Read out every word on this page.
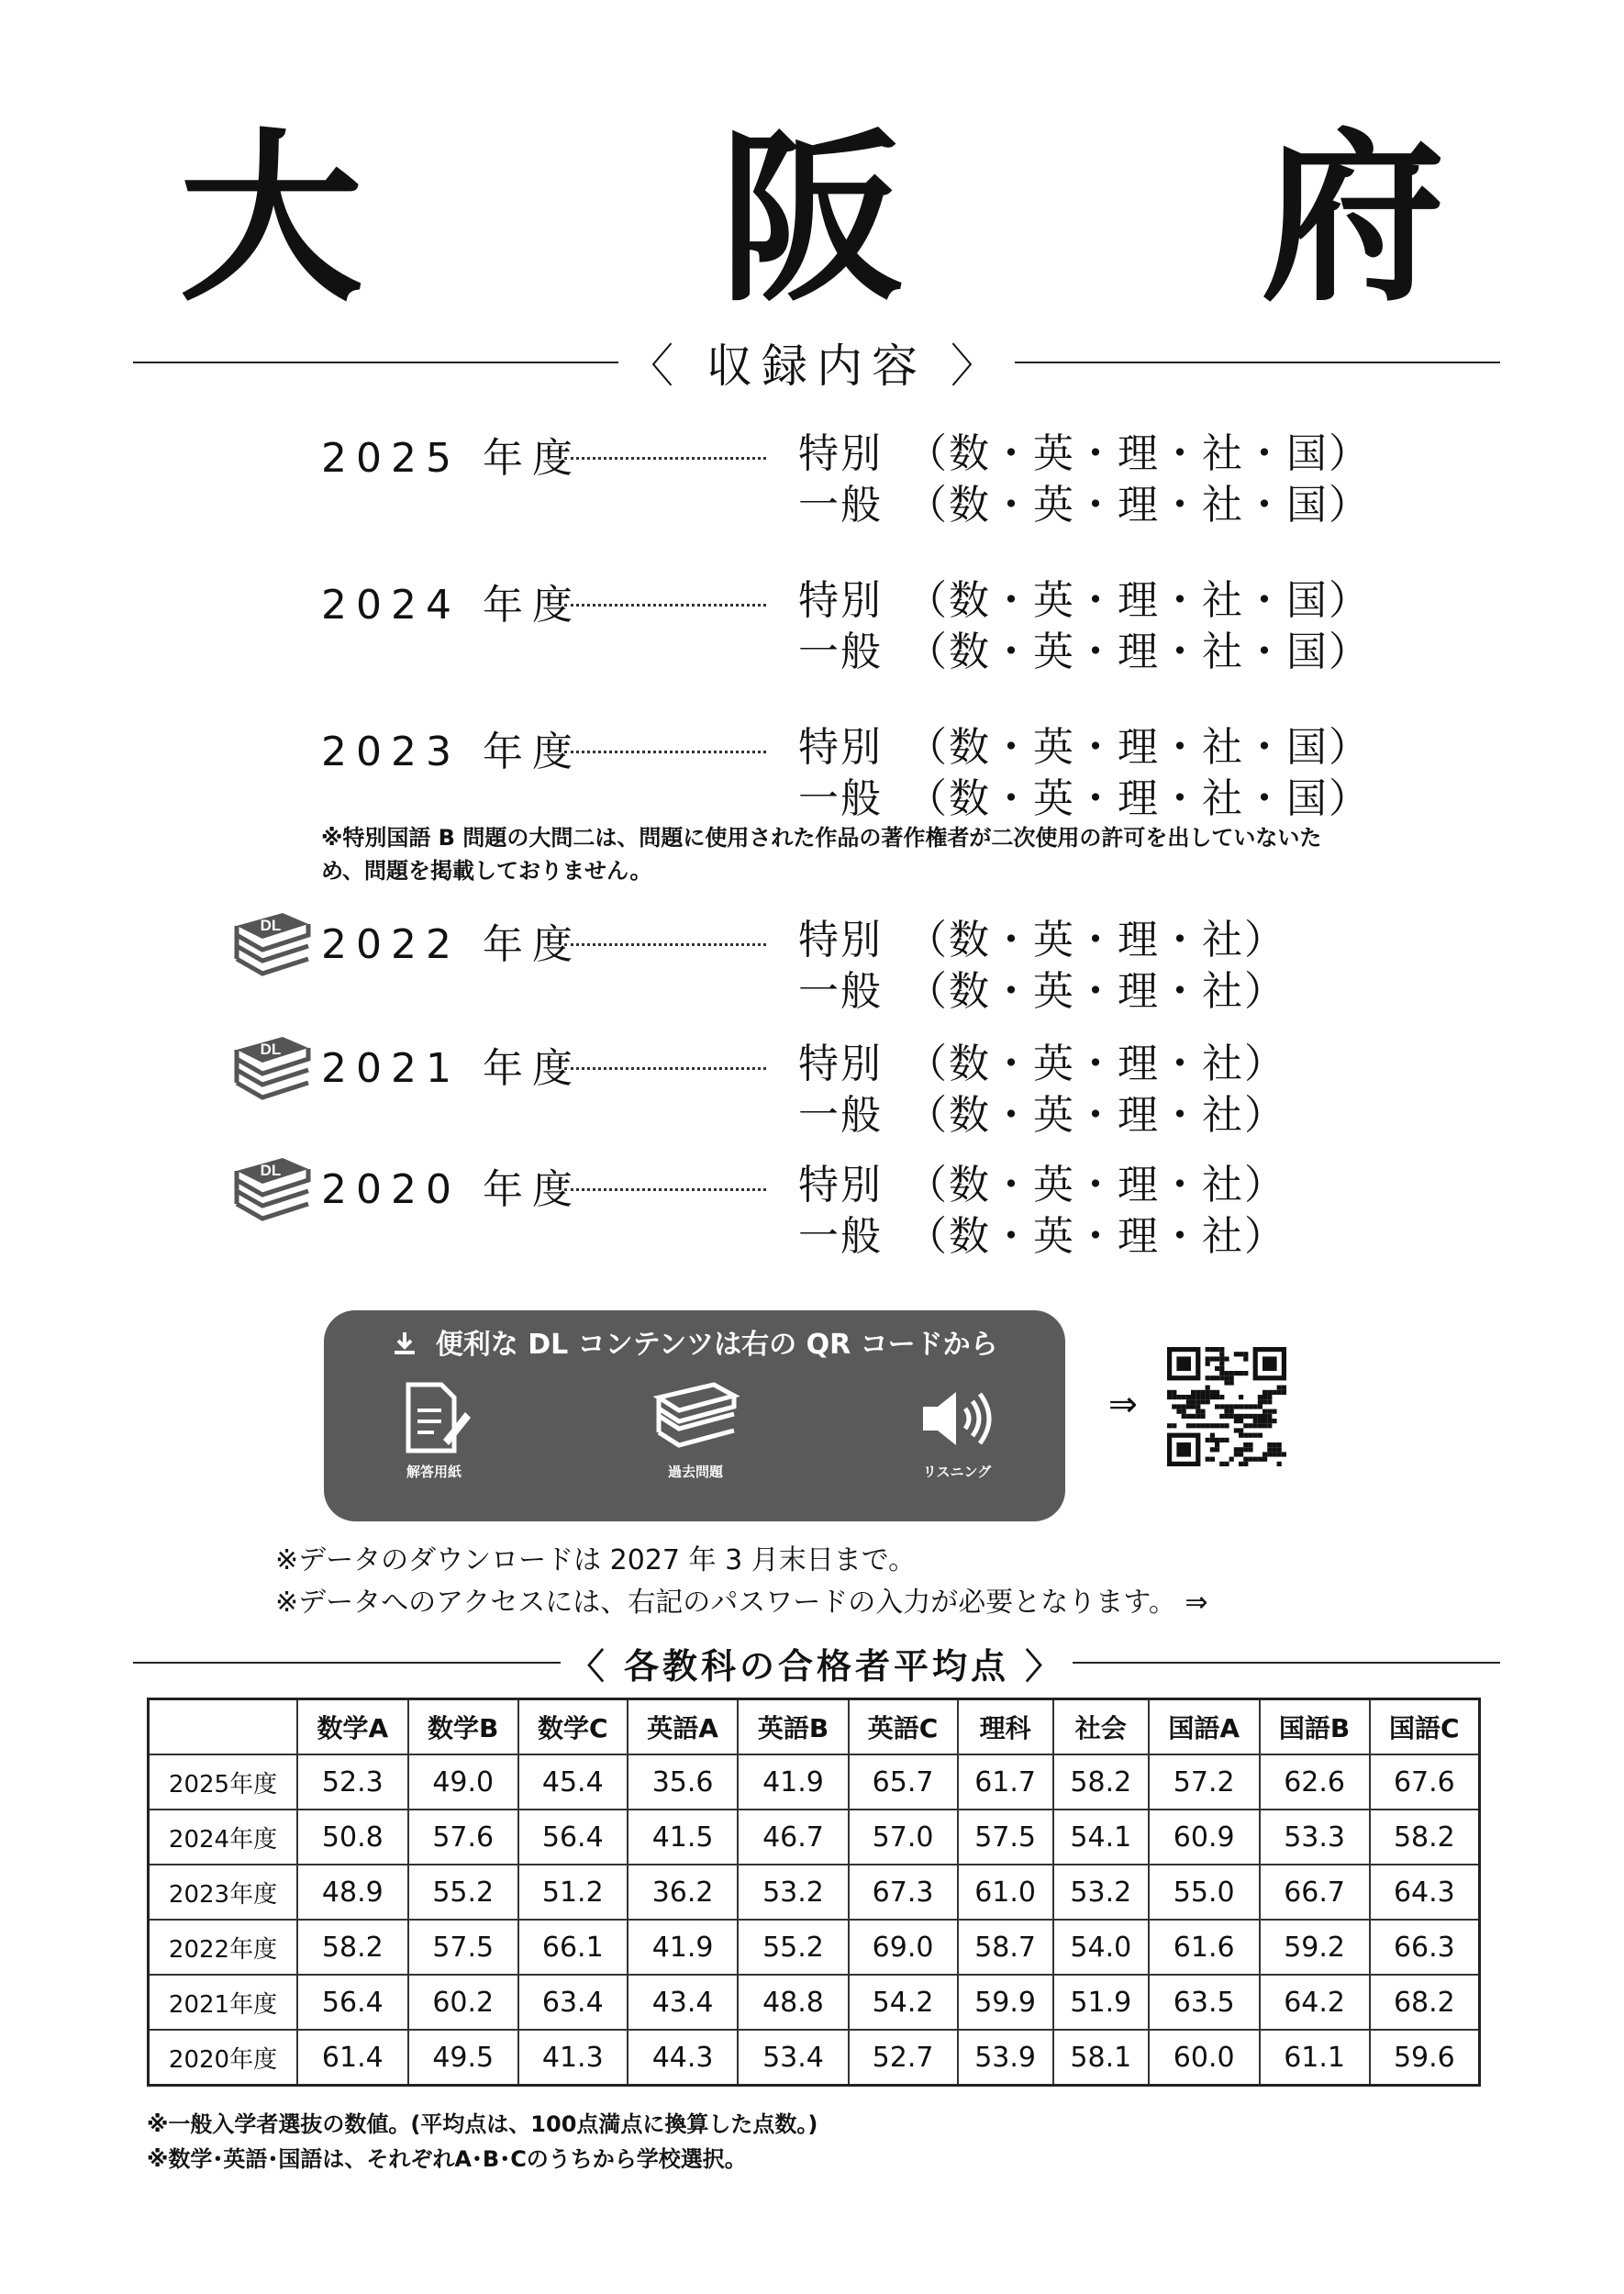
大 阪 府
〈 収録内容 〉
2025 年度	特別 （数・英・理・社・国）
一般 （数・英・理・社・国）
2024 年度	特別 （数・英・理・社・国）
一般 （数・英・理・社・国）
2023 年度	特別 （数・英・理・社・国）
一般 （数・英・理・社・国）
DL 2022 年度	特別 （数・英・理・社）
一般 （数・英・理・社）
DL 2021 年度	特別 （数・英・理・社）
一般 （数・英・理・社）
DL 2020 年度	特別 （数・英・理・社）
一般 （数・英・理・社）
※特別国語 B 問題の大問二は、問題に使用された作品の著作権者が二次使用の許可を出していないため、問題を掲載しておりません。
便利な DL コンテンツは右の QR コードから
解答用紙	過去問題	リスニング
⇒
※データのダウンロードは 2027 年 3 月末日まで。
※データへのアクセスには、右記のパスワードの入力が必要となります。 ⇒
〈 各教科の合格者平均点 〉
	数学A	数学B	数学C	英語A	英語B	英語C	理科	社会	国語A	国語B	国語C
2025年度	52.3	49.0	45.4	35.6	41.9	65.7	61.7	58.2	57.2	62.6	67.6
2024年度	50.8	57.6	56.4	41.5	46.7	57.0	57.5	54.1	60.9	53.3	58.2
2023年度	48.9	55.2	51.2	36.2	53.2	67.3	61.0	53.2	55.0	66.7	64.3
2022年度	58.2	57.5	66.1	41.9	55.2	69.0	58.7	54.0	61.6	59.2	66.3
2021年度	56.4	60.2	63.4	43.4	48.8	54.2	59.9	51.9	63.5	64.2	68.2
2020年度	61.4	49.5	41.3	44.3	53.4	52.7	53.9	58.1	60.0	61.1	59.6
※一般入学者選抜の数値。(平均点は、100点満点に換算した点数。)
※数学･英語･国語は、それぞれA･B･Cのうちから学校選択。
